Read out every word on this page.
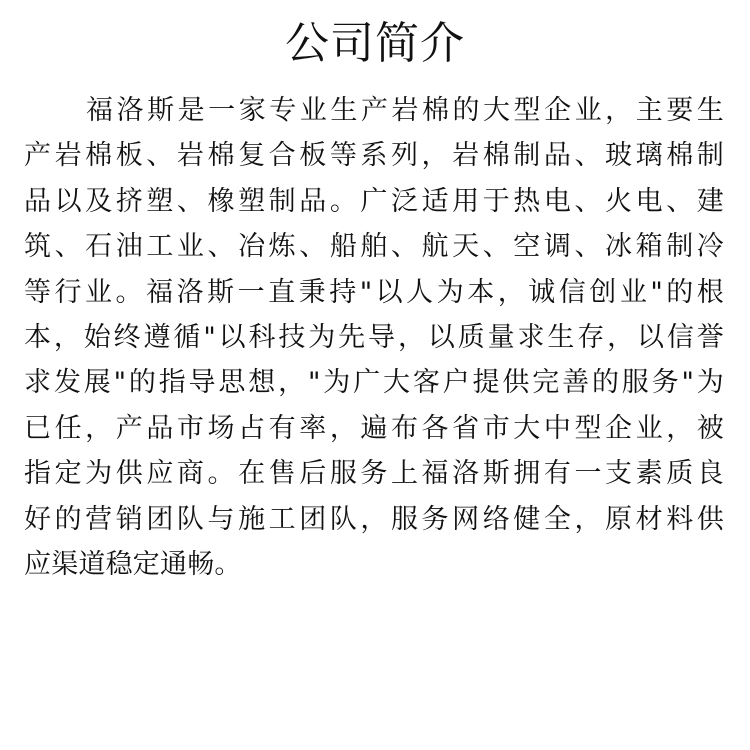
公司简介
福洛斯是一家专业生产岩棉的大型企业，主要生
产岩棉板、岩棉复合板等系列，岩棉制品、玻璃棉制
品以及挤塑、橡塑制品。广泛适用于热电、火电、建
筑、石油工业、冶炼、船舶、航天、空调、冰箱制冷
等行业。福洛斯一直秉持"以人为本，诚信创业"的根
本，始终遵循"以科技为先导，以质量求生存，以信誉
求发展"的指导思想，"为广大客户提供完善的服务"为
已任，产品市场占有率，遍布各省市大中型企业，被
指定为供应商。在售后服务上福洛斯拥有一支素质良
好的营销团队与施工团队，服务网络健全，原材料供
应渠道稳定通畅。
